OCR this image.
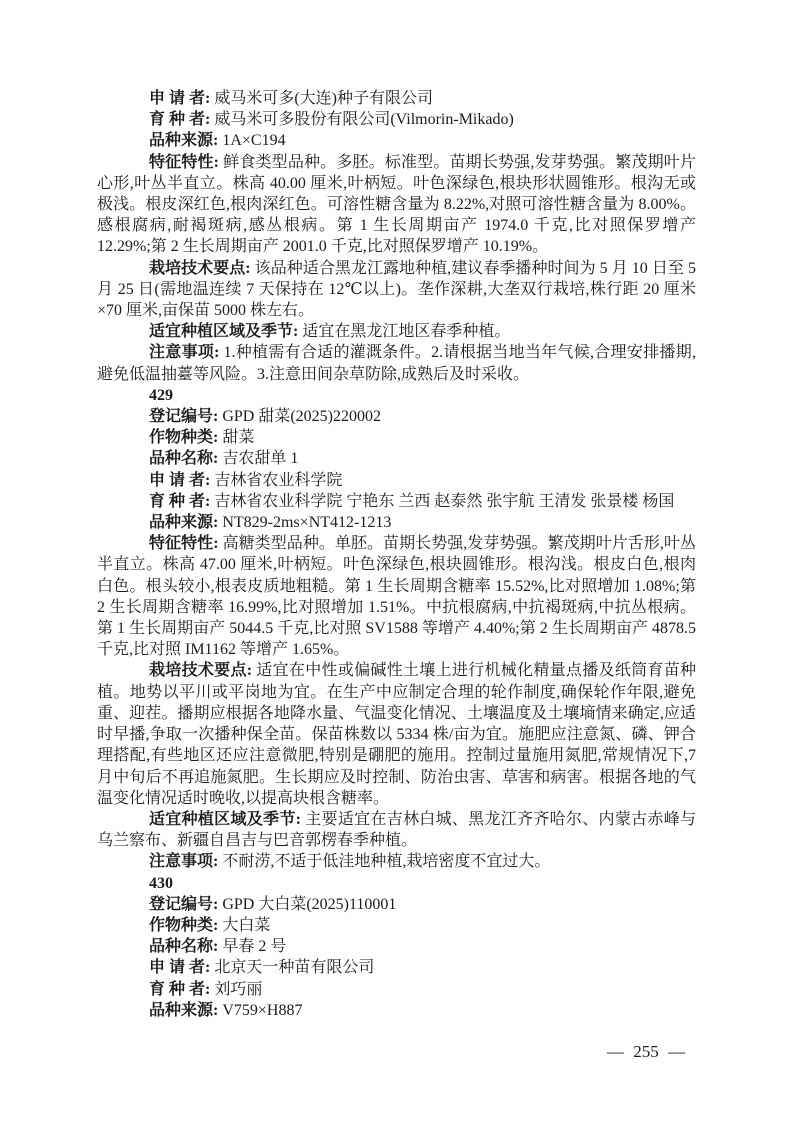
申 请 者: 威马米可多(大连)种子有限公司

育 种 者: 威马米可多股份有限公司(Vilmorin-Mikado)

品种来源: 1A×C194

特征特性: 鲜食类型品种。多胚。标准型。苗期长势强,发芽势强。繁茂期叶片心形,叶丛半直立。株高 40.00 厘米,叶柄短。叶色深绿色,根块形状圆锥形。根沟无或极浅。根皮深红色,根肉深红色。可溶性糖含量为 8.22%,对照可溶性糖含量为 8.00%。感根腐病,耐褐斑病,感丛根病。第 1 生长周期亩产 1974.0 千克,比对照保罗增产 12.29%;第 2 生长周期亩产 2001.0 千克,比对照保罗增产 10.19%。

栽培技术要点: 该品种适合黑龙江露地种植,建议春季播种时间为 5 月 10 日至 5 月 25 日(需地温连续 7 天保持在 12℃以上)。垄作深耕,大垄双行栽培,株行距 20 厘米×70 厘米,亩保苗 5000 株左右。

适宜种植区域及季节: 适宜在黑龙江地区春季种植。

注意事项: 1.种植需有合适的灌溉条件。2.请根据当地当年气候,合理安排播期,避免低温抽薹等风险。3.注意田间杂草防除,成熟后及时采收。

429

登记编号: GPD 甜菜(2025)220002

作物种类: 甜菜

品种名称: 吉农甜单 1

申 请 者: 吉林省农业科学院

育 种 者: 吉林省农业科学院 宁艳东 兰西 赵泰然 张宇航 王清发 张景楼 杨国

品种来源: NT829-2ms×NT412-1213

特征特性: 高糖类型品种。单胚。苗期长势强,发芽势强。繁茂期叶片舌形,叶丛半直立。株高 47.00 厘米,叶柄短。叶色深绿色,根块圆锥形。根沟浅。根皮白色,根肉白色。根头较小,根表皮质地粗糙。第 1 生长周期含糖率 15.52%,比对照增加 1.08%;第 2 生长周期含糖率 16.99%,比对照增加 1.51%。中抗根腐病,中抗褐斑病,中抗丛根病。第 1 生长周期亩产 5044.5 千克,比对照 SV1588 等增产 4.40%;第 2 生长周期亩产 4878.5 千克,比对照 IM1162 等增产 1.65%。

栽培技术要点: 适宜在中性或偏碱性土壤上进行机械化精量点播及纸筒育苗种植。地势以平川或平岗地为宜。在生产中应制定合理的轮作制度,确保轮作年限,避免重、迎茬。播期应根据各地降水量、气温变化情况、土壤温度及土壤墒情来确定,应适时早播,争取一次播种保全苗。保苗株数以 5334 株/亩为宜。施肥应注意氮、磷、钾合理搭配,有些地区还应注意微肥,特别是硼肥的施用。控制过量施用氮肥,常规情况下,7 月中旬后不再追施氮肥。生长期应及时控制、防治虫害、草害和病害。根据各地的气温变化情况适时晚收,以提高块根含糖率。

适宜种植区域及季节: 主要适宜在吉林白城、黑龙江齐齐哈尔、内蒙古赤峰与乌兰察布、新疆自昌吉与巴音郭楞春季种植。

注意事项: 不耐涝,不适于低洼地种植,栽培密度不宜过大。

430

登记编号: GPD 大白菜(2025)110001

作物种类: 大白菜

品种名称: 早春 2 号

申 请 者: 北京天一种苗有限公司

育 种 者: 刘巧丽

品种来源: V759×H887

— 255 —
